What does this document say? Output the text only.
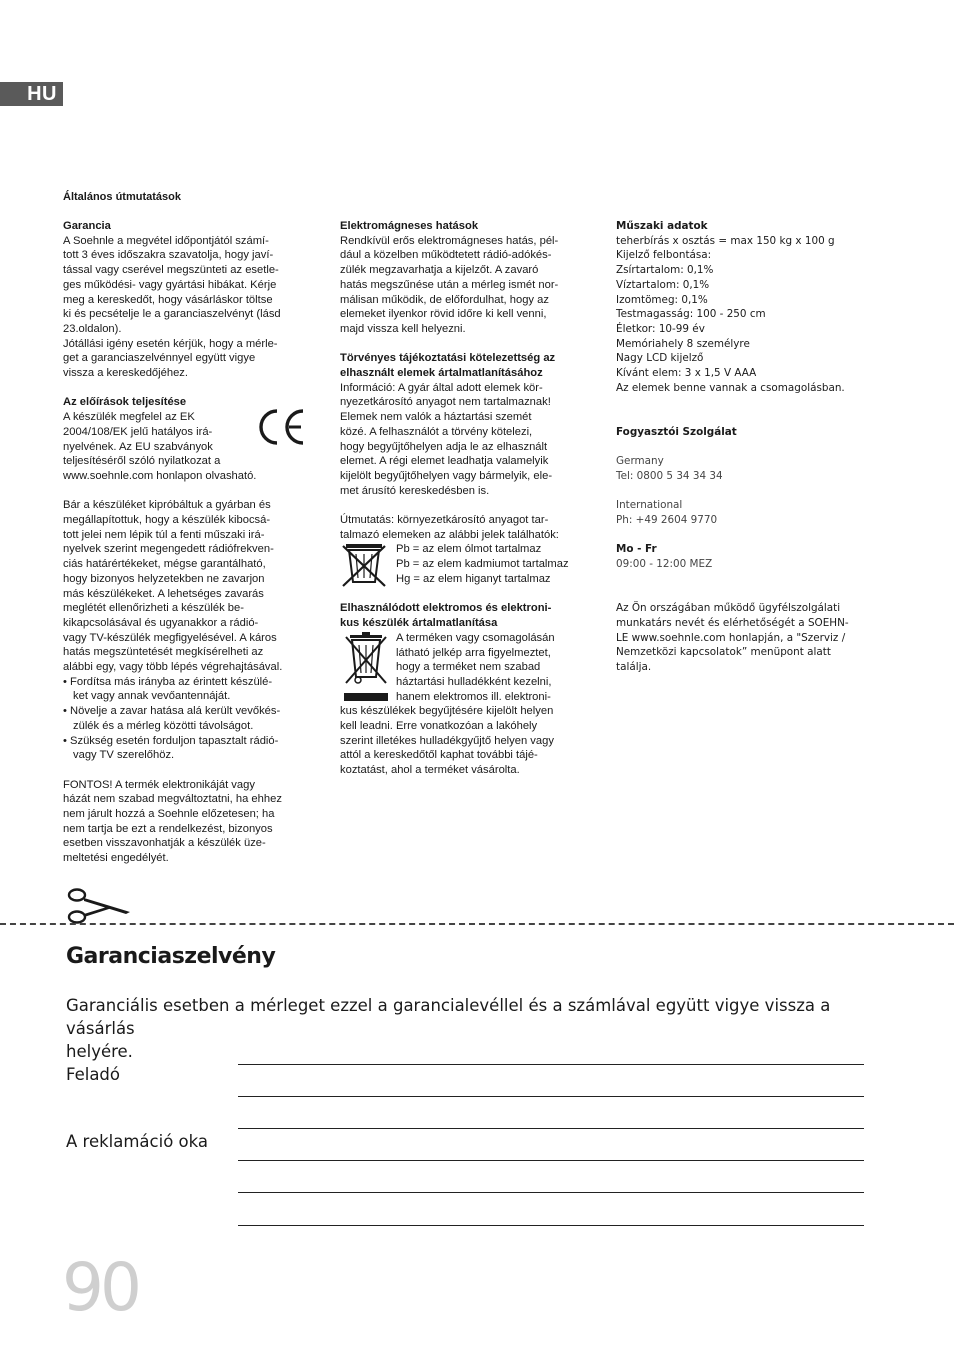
HU
Általános útmutatások
Garancia
A Soehnle a megvétel időpontjától számí-
tott 3 éves időszakra szavatolja, hogy javí-
tással vagy cserével megszünteti az esetle-
ges működési- vagy gyártási hibákat. Kérje
meg a kereskedőt, hogy vásárláskor töltse
ki és pecsételje le a garanciaszelvényt (lásd
23.oldalon).
Jótállási igény esetén kérjük, hogy a mérle-
get a garanciaszelvénnyel együtt vigye
vissza a kereskedőjéhez.
Az előírások teljesítése
A készülék megfelel az EK
2004/108/EK jelű hatályos irá-
nyelvének. Az EU szabványok
teljesítéséről szóló nyilatkozat a
www.soehnle.com honlapon olvasható.
Bár a készüléket kipróbáltuk a gyárban és
megállapítottuk, hogy a készülék kibocsá-
tott jelei nem lépik túl a fenti műszaki irá-
nyelvek szerint megengedett rádiófrekven-
ciás határértékeket, mégse garantálható,
hogy bizonyos helyzetekben ne zavarjon
más készülékeket. A lehetséges zavarás
meglétét ellenőrizheti a készülék be-
kikapcsolásával és ugyanakkor a rádió-
vagy TV-készülék megfigyelésével. A káros
hatás megszüntetését megkísérelheti az
alábbi egy, vagy több lépés végrehajtásával.
• Fordítsa más irányba az érintett készülé-
ket vagy annak vevőantennáját.
• Növelje a zavar hatása alá került vevőkés-
zülék és a mérleg közötti távolságot.
• Szükség esetén forduljon tapasztalt rádió-
vagy TV szerelőhöz.
FONTOS! A termék elektronikáját vagy
házát nem szabad megváltoztatni, ha ehhez
nem járult hozzá a Soehnle előzetesen; ha
nem tartja be ezt a rendelkezést, bizonyos
esetben visszavonhatják a készülék üze-
meltetési engedélyét.
Elektromágneses hatások
Rendkívül erős elektromágneses hatás, pél-
dául a közelben működtetett rádió-adókés-
zülék megzavarhatja a kijelzőt. A zavaró
hatás megszűnése után a mérleg ismét nor-
málisan működik, de előfordulhat, hogy az
elemeket ilyenkor rövid időre ki kell venni,
majd vissza kell helyezni.
Törvényes tájékoztatási kötelezettség az
elhasznált elemek ártalmatlanításához
Információ: A gyár által adott elemek kör-
nyezetkárosító anyagot nem tartalmaznak!
Elemek nem valók a háztartási szemét
közé. A felhasználót a törvény kötelezi,
hogy begyűjtőhelyen adja le az elhasznált
elemet. A régi elemet leadhatja valamelyik
kijelölt begyűjtőhelyen vagy bármelyik, ele-
met árusító kereskedésben is.
Útmutatás: környezetkárosító anyagot tar-
talmazó elemeken az alábbi jelek találhatók:
Pb = az elem ólmot tartalmaz
Pb = az elem kadmiumot tartalmaz
Hg = az elem higanyt tartalmaz
Elhasználódott elektromos és elektroni-
kus készülék ártalmatlanítása
A terméken vagy csomagolásán
látható jelkép arra figyelmeztet,
hogy a terméket nem szabad
háztartási hulladékként kezelni,
hanem elektromos ill. elektroni-
kus készülékek begyűjtésére kijelölt helyen
kell leadni. Erre vonatkozóan a lakóhely
szerint illetékes hulladékgyűjtő helyen vagy
attól a kereskedőtől kaphat további tájé-
koztatást, ahol a terméket vásárolta.
Műszaki adatok
teherbírás x osztás = max 150 kg x 100 g
Kijelző felbontása:
Zsírtartalom: 0,1%
Víztartalom: 0,1%
Izomtömeg: 0,1%
Testmagasság: 100 - 250 cm
Életkor: 10-99 év
Memóriahely 8 személyre
Nagy LCD kijelző
Kívánt elem: 3 x 1,5 V AAA
Az elemek benne vannak a csomagolásban.
Fogyasztói Szolgálat
Germany
Tel: 0800 5 34 34 34
International
Ph: +49 2604 9770
Mo - Fr
09:00 - 12:00 MEZ
Az Ön országában működő ügyfélszolgálati
munkatárs nevét és elérhetőségét a SOEHN-
LE www.soehnle.com honlapján, a "Szerviz /
Nemzetközi kapcsolatok” menüpont alatt
találja.
Garanciaszelvény
Garanciális esetben a mérleget ezzel a garancialevéllel és a számlával együtt vigye vissza a vásárlás
helyére.
Feladó
A reklamáció oka
90
